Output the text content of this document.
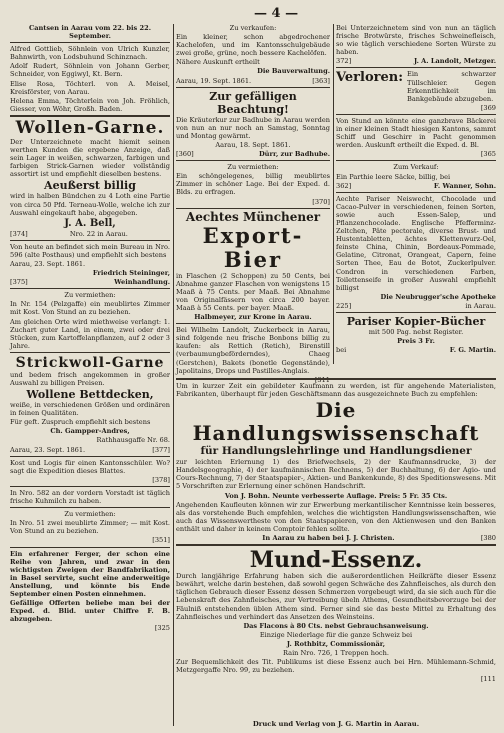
— 4 —
Cantsen in Aarau vom 22. bis 22. September.
Alfred Gottlieb, Söhnlein von Ulrich Kunzler, Bahnwirth, von Lodsbuhund Schinznach.
Adolf Rudert, Söhnlein von Johann Gerber, Schneider, von Eggiwyl, Kt. Bern.
Elise Rosa, Töchterl. von A. Meisel, Kreisförster, von Aarau.
Helena Emma, Töchterlein von Joh. Fröhlich, Giesser, von Wöhr, Großh. Baden.
Wollen-Garne.
Der Unterzeichnete macht hiemit seinen werthen Kunden die ergebene Anzeige, daß sein Lager in weißen, schwarzen, farbigen und farbigen Strick-Garnen wieder vollständig assortirt ist und empfiehlt dieselben bestens.
Aeußerst billig
wird in halben Bündchen zu 4 Loth eine Partie von circa 50 Pfd. Terneau-Wolle, welche ich zur Auswahl eingekauft habe, abgegeben.
J. A. Bell,
[374]	Nro. 22 in Aarau.
Von heute an befindet sich mein Bureau in Nro. 596 (alte Posthaus) und empfiehlt sich bestens
Aarau, 23. Sept. 1861.
Friedrich Steininger,
[375]	Weinhandlung.
Zu vermiethen:
In Nr. 154 (Pelzgaffe) ein meublirtes Zimmer mit Kost. Von Stund an zu beziehen.
Am gleichen Orte wird miethweise verlangt: 1. Zuchart guter Land, in einem, zwei oder drei Stücken, zum Kartoffelanpflanzen, auf 2 oder 3 Jahre.
Strickwoll-Garne
und bedem frisch angekommen in großer Auswahl zu billigen Preisen.
Wollene Bettdecken,
weiße, in verschiedenen Größen und ordinären in feinen Qualitäten.
Für geft. Zuspruch empfiehlt sich bestens
Ch. Gampper-Andres,
Rathhausgaffe Nr. 68.
Aarau, 23. Sept. 1861.	[377]
Kost und Logis für einen Kantonsschüler. Wo? sagt die Expedition dieses Blattes.
[378]
In Nro. 582 an der vordern Vorstadt ist täglich frische Kuhmilch zu haben.
Zu vermiethen:
In Nro. 51 zwei meublirte Zimmer; — mit Kost. Von Stund an zu beziehen.
[351]
Ein erfahrener Ferger, der schon eine Reihe von Jahren, und zwar in den wichtigsten Zweigen der Bandfabrikation, in Basel servirte, sucht eine anderweitige Anstellung, und könnte bis Ende September einen Posten einnehmen.
Gefällige Offerten beliebe man bei der Exped. d. Blid. unter Chiffre F. B. abzugeben.
[325
Zu verkaufen:
Ein kleiner, schon abgedrochener Kachelofen, und im Kantonsschulgebäude zwei große, grüne, noch bessere Kachelöfen.
Nähere Auskunft ertheilt
Die Bauverwaltung.
Aarau, 19. Sept. 1861.	[363]
Zur gefälligen Beachtung!
Die Kräuterkur zur Badhube in Aarau werden von nun an nur noch an Samstag, Sonntag und Montag gewärmt.
Aarau, 18. Sept. 1861.
[360]	Dürr, zur Badhube.
Zu vermiethen:
Ein schöngelegenes, billig meublirtes Zimmer in schöner Lage. Bei der Exped. d. Blds. zu erfragen.
[370]
Aechtes Münchener
Export-Bier
in Flaschen (2 Schoppen) zu 50 Cents, bei Abnahme ganzer Flaschen von wenigstens 15 Maaß à 75 Cents. per Maaß. Bei Abnahme von Originalfässern von circa 200 bayer. Maaß à 55 Cents. per bayer. Maaß.
Halbmeyer, zur Krone in Aarau.
Bei Wilhelm Landolt, Zuckerbeck in Aarau, sind folgende neu frische Bonbons billig zu kaufen: als Rettich (Retich), Birenstill (verbaumungbeförderndes), Chaeg (Gerstchen), Bakets (bonetle Gegenstände), Japolitains, Drops und Pastilles-Anglais.
[311
Bei Unterzeichnetem sind von nun an täglich frische Brotwürste, frisches Schweinefleisch, so wie täglich verschiedene Sorten Würste zu haben.
372]	J. A. Landolt, Metzger.
Verloren: Ein schwarzer Tüllschleier. Gegen Erkenntlichkeit im Bankgebäude abzugeben.
[369
Von Stund an könnte eine ganzbrave Bäckerei in einer kleinen Stadt hiesigen Kantons, sammt Schiff und Geschirr in Pacht genommen werden. Auskunft ertheilt die Exped. d. Bl.
[365
Zum Verkauf:
Ein Parthie leere Säcke, billig, bei
362]	F. Wanner, Sohn.
Aechte Pariser Neiswecht, Chocolade und Cacao-Pulver in verschiedenen, feinen Sorten, sowie auch Essen-Salep, und Pflanzenchocolade. Englische Pfefferminz-Zeltchen, Pâte pectorale, diverse Brust- und Hustentabletten, ächtes Klettenwurz-Oel, feinste China, Chinin, Bordeaux-Pommade, Gelatine, Citronat, Orangeat, Capern, feine Sorten Thee, Eau de Botot, Zuckerlpulver. Condron in verschiedenen Farben, Toilettenseife in großer Auswahl empfiehlt billigst
Die Neubrugger'sche Apotheke
225]	in Aarau.
Pariser Kopier-Bücher
mit 500 Pag. nebst Register.
Preis 3 Fr.
bei	F. G. Martin.
Um in kurzer Zeit ein gebildeter Kaufmann zu werden, ist für angehende Materialisten, Fabrikanten, überhaupt für jeden Geschäftsmann das ausgezeichnete Buch zu empfehlen:
Die Handlungswissenschaft
für Handlungslehrlinge und Handlungsdiener
zur leichten Erlernung 1) des Briefwechsels, 2) der Kaufmannsdrucke, 3) der Handelsgeographie, 4) der kaufmännischen Rechnens, 5) der Buchhaltung, 6) der Agio- und Cours-Rechnung, 7) der Staatspapier-, Aktien- und Bankenkunde, 8) des Speditionswesens. Mit 5 Vorschriften zur Erlernung einer schönen Handschrift.
Von J. Bohn. Neunte verbesserte Auflage. Preis: 5 Fr. 35 Cts.
Angehenden Kaufleuten können wir zur Erwerbung merkantilischer Kenntnisse kein besseres, als das vorstehende Buch empfehlen, welches die wichtigsten Handlungswissenschaften, wie auch das Wissenswertheste von den Staatspapieren, von den Aktienwesen und den Banken enthält und daher in keinem Comptoir fehlen sollte.
In Aarau zu haben bei J. J. Christen.	[380
Mund-Essenz.
Durch langjährige Erfahrung haben sich die außerordentlichen Heilkräfte dieser Essenz bewährt, welche darin bestehen, daß sowohl gegen Schwäche des Zahnfleisches, als durch den täglichen Gebrauch dieser Essenz dessen Schmerzen vorgebeugt wird, da sie sich auch für die Lebenskraft des Zahnfleisches, zur Vertreibung übeln Athems, Gesundheitsbevorzuge bei der Fäulniß entstehenden üblen Athem sind. Ferner sind sie das beste Mittel zu Erhaltung des Zahnfleisches und verhindert das Ansetzen des Weinsteins.
Das Flacons à 80 Cts. nebst Gebrauchsanweisung.
Einzige Niederlage für die ganze Schweiz bei
J. Rothbitz, Commissionär,
Rain Nro. 726, 1 Treppen hoch.
Zur Bequemlichkeit des Tit. Publikums ist diese Essenz auch bei Hrn. Mühlemann-Schmid, Metzgergaffe Nro. 99, zu beziehen.
[111
Druck und Verlag von J. G. Martin in Aarau.
